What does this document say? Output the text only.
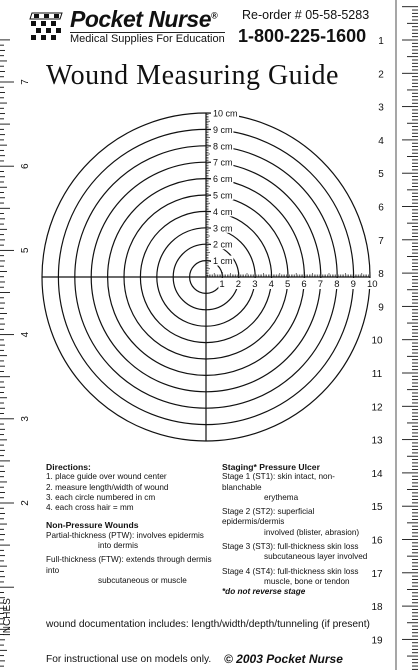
Pocket Nurse®
Medical Supplies For Education
Re-order # 05-58-5283
1-800-225-1600
Wound Measuring Guide
1 cm
2 cm
3 cm
4 cm
5 cm
6 cm
7 cm
8 cm
9 cm
10 cm
1 2 3 4 5 6 7 8 9 10
1
2
3
4
5
6
7
8
9
10
11
12
13
14
15
16
17
18
19
7
6
5
4
3
2
Directions:
1. place guide over wound center
2. measure length/width of wound
3. each circle numbered in cm
4. each cross hair = mm
Non-Pressure Wounds
Partial-thickness (PTW): involves epidermis
into dermis
Full-thickness (FTW): extends through dermis into
subcutaneous or muscle
Staging* Pressure Ulcer
Stage 1 (ST1): skin intact, non-blanchable
erythema
Stage 2 (ST2): superficial epidermis/dermis
involved (blister, abrasion)
Stage 3 (ST3): full-thickness skin loss
subcutaneous layer involved
Stage 4 (ST4): full-thickness skin loss
muscle, bone or tendon
*do not reverse stage
wound documentation includes: length/width/depth/tunneling (if present)
For instructional use on models only. © 2003 Pocket Nurse
INCHES
